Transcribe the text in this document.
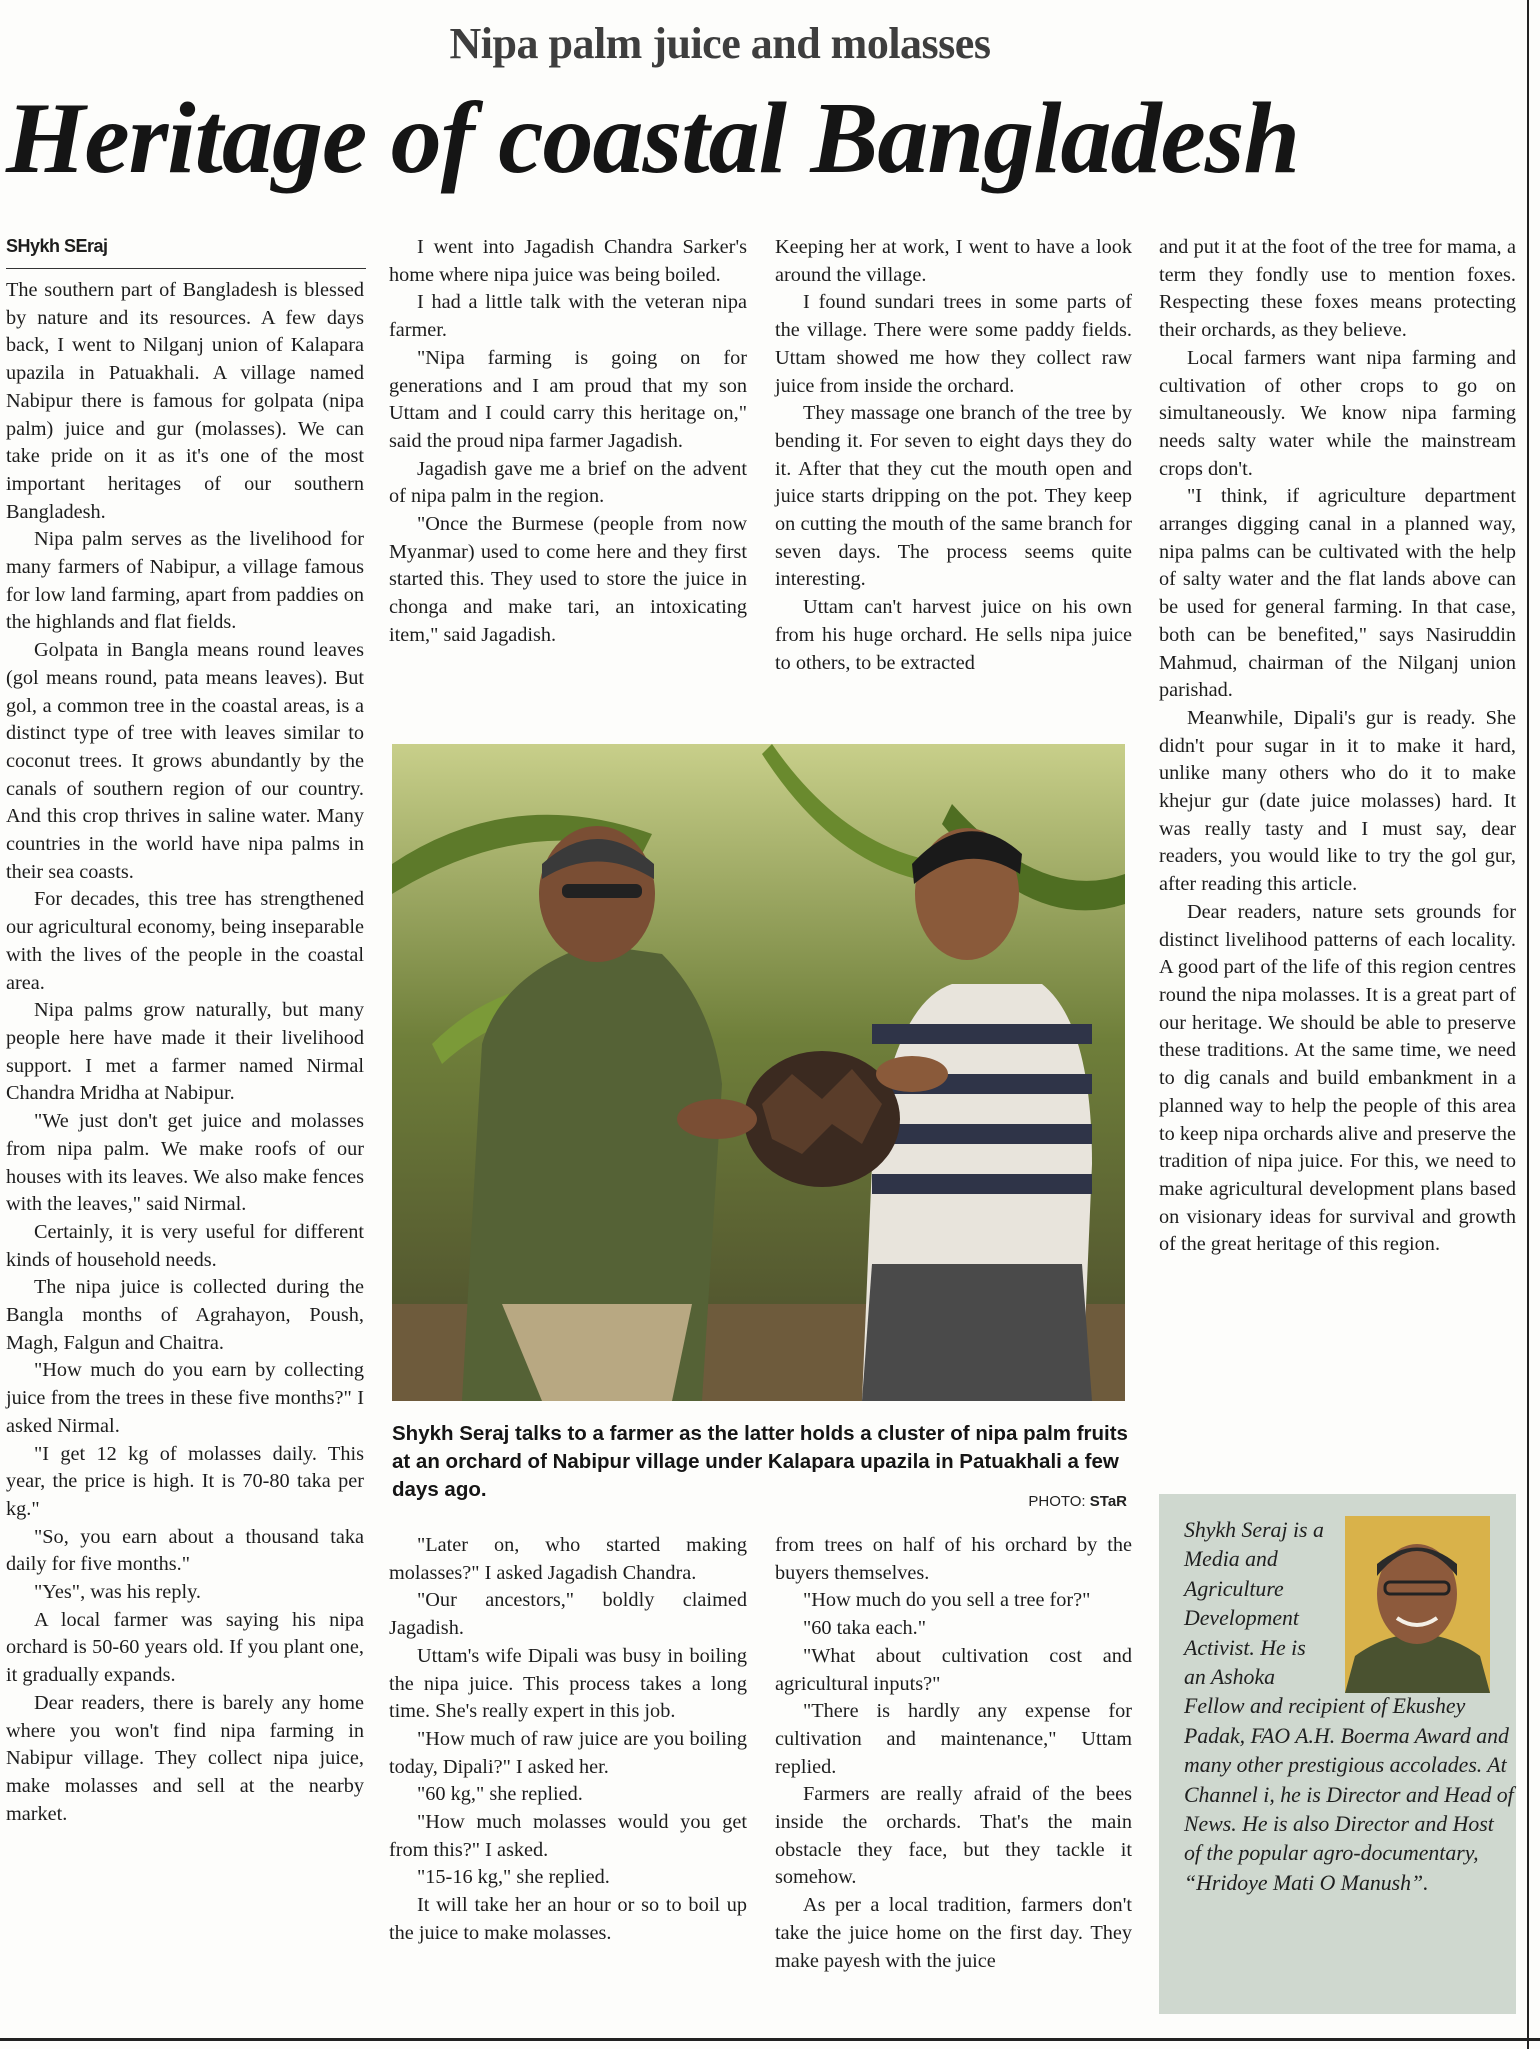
Nipa palm juice and molasses
Heritage of coastal Bangladesh
SHykh SEraj

The southern part of Bangladesh is blessed by nature and its resources. A few days back, I went to Nilganj union of Kalapara upazila in Patuakhali. A village named Nabipur there is famous for golpata (nipa palm) juice and gur (molasses). We can take pride on it as it's one of the most important heritages of our southern Bangladesh.

Nipa palm serves as the livelihood for many farmers of Nabipur, a village famous for low land farming, apart from paddies on the highlands and flat fields.

Golpata in Bangla means round leaves (gol means round, pata means leaves). But gol, a common tree in the coastal areas, is a distinct type of tree with leaves similar to coconut trees. It grows abundantly by the canals of southern region of our country. And this crop thrives in saline water. Many countries in the world have nipa palms in their sea coasts.

For decades, this tree has strengthened our agricultural economy, being inseparable with the lives of the people in the coastal area.

Nipa palms grow naturally, but many people here have made it their livelihood support. I met a farmer named Nirmal Chandra Mridha at Nabipur.

"We just don't get juice and molasses from nipa palm. We make roofs of our houses with its leaves. We also make fences with the leaves," said Nirmal.

Certainly, it is very useful for different kinds of household needs.

The nipa juice is collected during the Bangla months of Agrahayon, Poush, Magh, Falgun and Chaitra.

"How much do you earn by collecting juice from the trees in these five months?" I asked Nirmal.

"I get 12 kg of molasses daily. This year, the price is high. It is 70-80 taka per kg."

"So, you earn about a thousand taka daily for five months."

"Yes", was his reply.

A local farmer was saying his nipa orchard is 50-60 years old. If you plant one, it gradually expands.

Dear readers, there is barely any home where you won't find nipa farming in Nabipur village. They collect nipa juice, make molasses and sell at the nearby market.

I went into Jagadish Chandra Sarker's home where nipa juice was being boiled.

I had a little talk with the veteran nipa farmer.

"Nipa farming is going on for generations and I am proud that my son Uttam and I could carry this heritage on," said the proud nipa farmer Jagadish.

Jagadish gave me a brief on the advent of nipa palm in the region.

"Once the Burmese (people from now Myanmar) used to come here and they first started this. They used to store the juice in chonga and make tari, an intoxicating item," said Jagadish.

Keeping her at work, I went to have a look around the village.

I found sundari trees in some parts of the village. There were some paddy fields. Uttam showed me how they collect raw juice from inside the orchard.

They massage one branch of the tree by bending it. For seven to eight days they do it. After that they cut the mouth open and juice starts dripping on the pot. They keep on cutting the mouth of the same branch for seven days. The process seems quite interesting.

Uttam can't harvest juice on his own from his huge orchard. He sells nipa juice to others, to be extracted

and put it at the foot of the tree for mama, a term they fondly use to mention foxes. Respecting these foxes means protecting their orchards, as they believe.

Local farmers want nipa farming and cultivation of other crops to go on simultaneously. We know nipa farming needs salty water while the mainstream crops don't.

"I think, if agriculture department arranges digging canal in a planned way, nipa palms can be cultivated with the help of salty water and the flat lands above can be used for general farming. In that case, both can be benefited," says Nasiruddin Mahmud, chairman of the Nilganj union parishad.

Meanwhile, Dipali's gur is ready. She didn't pour sugar in it to make it hard, unlike many others who do it to make khejur gur (date juice molasses) hard. It was really tasty and I must say, dear readers, you would like to try the gol gur, after reading this article.

Dear readers, nature sets grounds for distinct livelihood patterns of each locality. A good part of the life of this region centres round the nipa molasses. It is a great part of our heritage. We should be able to preserve these traditions. At the same time, we need to dig canals and build embankment in a planned way to help the people of this area to keep nipa orchards alive and preserve the tradition of nipa juice. For this, we need to make agricultural development plans based on visionary ideas for survival and growth of the great heritage of this region.

Shykh Seraj talks to a farmer as the latter holds a cluster of nipa palm fruits at an orchard of Nabipur village under Kalapara upazila in Patuakhali a few days ago.
PHOTO: STaR

"Later on, who started making molasses?" I asked Jagadish Chandra.

"Our ancestors," boldly claimed Jagadish.

Uttam's wife Dipali was busy in boiling the nipa juice. This process takes a long time. She's really expert in this job.

"How much of raw juice are you boiling today, Dipali?" I asked her.

"60 kg," she replied.

"How much molasses would you get from this?" I asked.

"15-16 kg," she replied.

It will take her an hour or so to boil up the juice to make molasses.

from trees on half of his orchard by the buyers themselves.

"How much do you sell a tree for?"

"60 taka each."

"What about cultivation cost and agricultural inputs?"

"There is hardly any expense for cultivation and maintenance," Uttam replied.

Farmers are really afraid of the bees inside the orchards. That's the main obstacle they face, but they tackle it somehow.

As per a local tradition, farmers don't take the juice home on the first day. They make payesh with the juice

Shykh Seraj is a Media and Agriculture Development Activist. He is an Ashoka Fellow and recipient of Ekushey Padak, FAO A.H. Boerma Award and many other prestigious accolades. At Channel i, he is Director and Head of News. He is also Director and Host of the popular agro-documentary, “Hridoye Mati O Manush”.
